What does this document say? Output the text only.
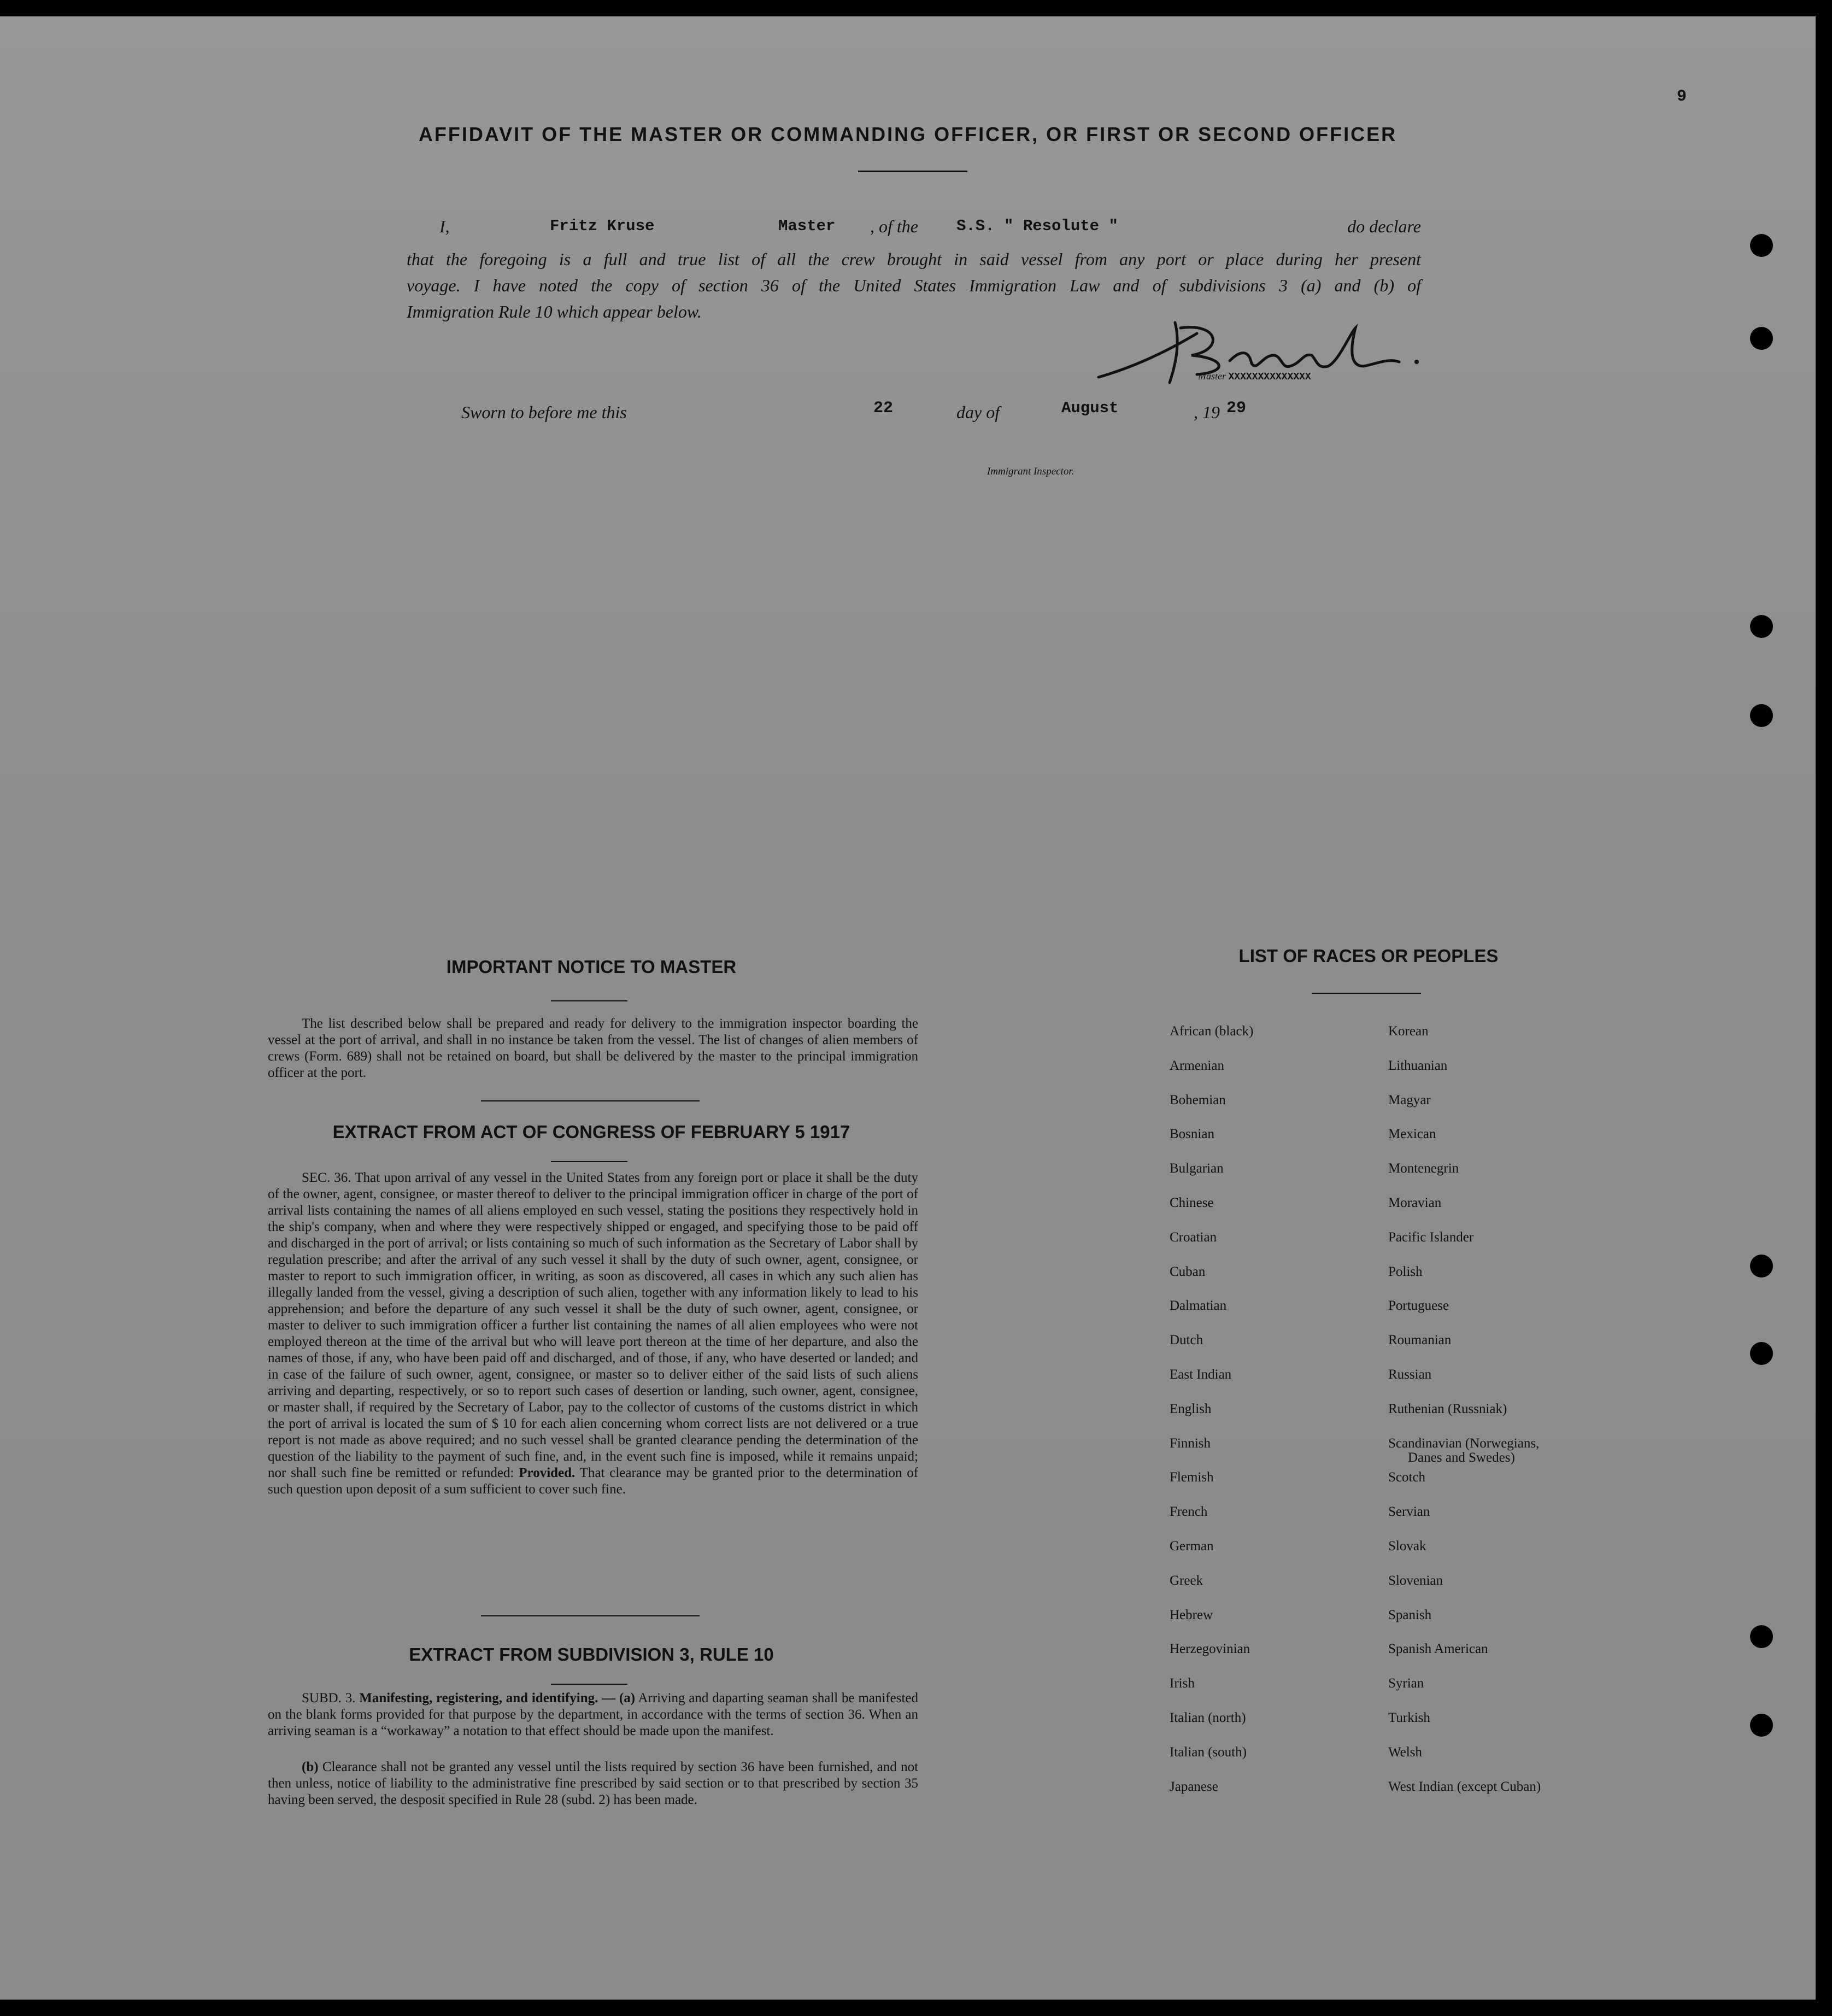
9
AFFIDAVIT OF THE MASTER OR COMMANDING OFFICER, OR FIRST OR SECOND OFFICER
I,	Fritz Kruse	Master , of the S.S. " Resolute "	do declare
that the foregoing is a full and true list of all the crew brought in said vessel from any port or place during her present
voyage. I have noted the copy of section 36 of the United States Immigration Law and of subdivisions 3 (a) and (b) of
Immigration Rule 10 which appear below.
Master XXXXXXXXXXXXXX
Sworn to before me this	22	day of	August	, 19 29
Immigrant Inspector.
IMPORTANT NOTICE TO MASTER
The list described below shall be prepared and ready for delivery to the immigration inspector boarding the vessel at the port of arrival, and shall in no instance be taken from the vessel. The list of changes of alien members of crews (Form. 689) shall not be retained on board, but shall be delivered by the master to the principal immigration officer at the port.
EXTRACT FROM ACT OF CONGRESS OF FEBRUARY 5 1917
SEC. 36. That upon arrival of any vessel in the United States from any foreign port or place it shall be the duty of the owner, agent, consignee, or master thereof to deliver to the principal immigration officer in charge of the port of arrival lists containing the names of all aliens employed en such vessel, stating the positions they respectively hold in the ship's company, when and where they were respectively shipped or engaged, and specifying those to be paid off and discharged in the port of arrival; or lists containing so much of such information as the Secretary of Labor shall by regulation prescribe; and after the arrival of any such vessel it shall by the duty of such owner, agent, consignee, or master to report to such immigration officer, in writing, as soon as discovered, all cases in which any such alien has illegally landed from the vessel, giving a description of such alien, together with any information likely to lead to his apprehension; and before the departure of any such vessel it shall be the duty of such owner, agent, consignee, or master to deliver to such immigration officer a further list containing the names of all alien employees who were not employed thereon at the time of the arrival but who will leave port thereon at the time of her departure, and also the names of those, if any, who have been paid off and discharged, and of those, if any, who have deserted or landed; and in case of the failure of such owner, agent, consignee, or master so to deliver either of the said lists of such aliens arriving and departing, respectively, or so to report such cases of desertion or landing, such owner, agent, consignee, or master shall, if required by the Secretary of Labor, pay to the collector of customs of the customs district in which the port of arrival is located the sum of $ 10 for each alien concerning whom correct lists are not delivered or a true report is not made as above required; and no such vessel shall be granted clearance pending the determination of the question of the liability to the payment of such fine, and, in the event such fine is imposed, while it remains unpaid; nor shall such fine be remitted or refunded: Provided. That clearance may be granted prior to the determination of such question upon deposit of a sum sufficient to cover such fine.
EXTRACT FROM SUBDIVISION 3, RULE 10
SUBD. 3. Manifesting, registering, and identifying. — (a) Arriving and daparting seaman shall be manifested on the blank forms provided for that purpose by the department, in accordance with the terms of section 36. When an arriving seaman is a “workaway” a notation to that effect should be made upon the manifest.
(b) Clearance shall not be granted any vessel until the lists required by section 36 have been furnished, and not then unless, notice of liability to the administrative fine prescribed by said section or to that prescribed by section 35 having been served, the desposit specified in Rule 28 (subd. 2) has been made.
LIST OF RACES OR PEOPLES
African (black)
Armenian
Bohemian
Bosnian
Bulgarian
Chinese
Croatian
Cuban
Dalmatian
Dutch
East Indian
English
Finnish
Flemish
French
German
Greek
Hebrew
Herzegovinian
Irish
Italian (north)
Italian (south)
Japanese
Korean
Lithuanian
Magyar
Mexican
Montenegrin
Moravian
Pacific Islander
Polish
Portuguese
Roumanian
Russian
Ruthenian (Russniak)
Scandinavian (Norwegians,
Scotch
Servian
Slovak
Slovenian
Spanish
Spanish American
Syrian
Turkish
Welsh
West Indian (except Cuban)
Danes and Swedes)
